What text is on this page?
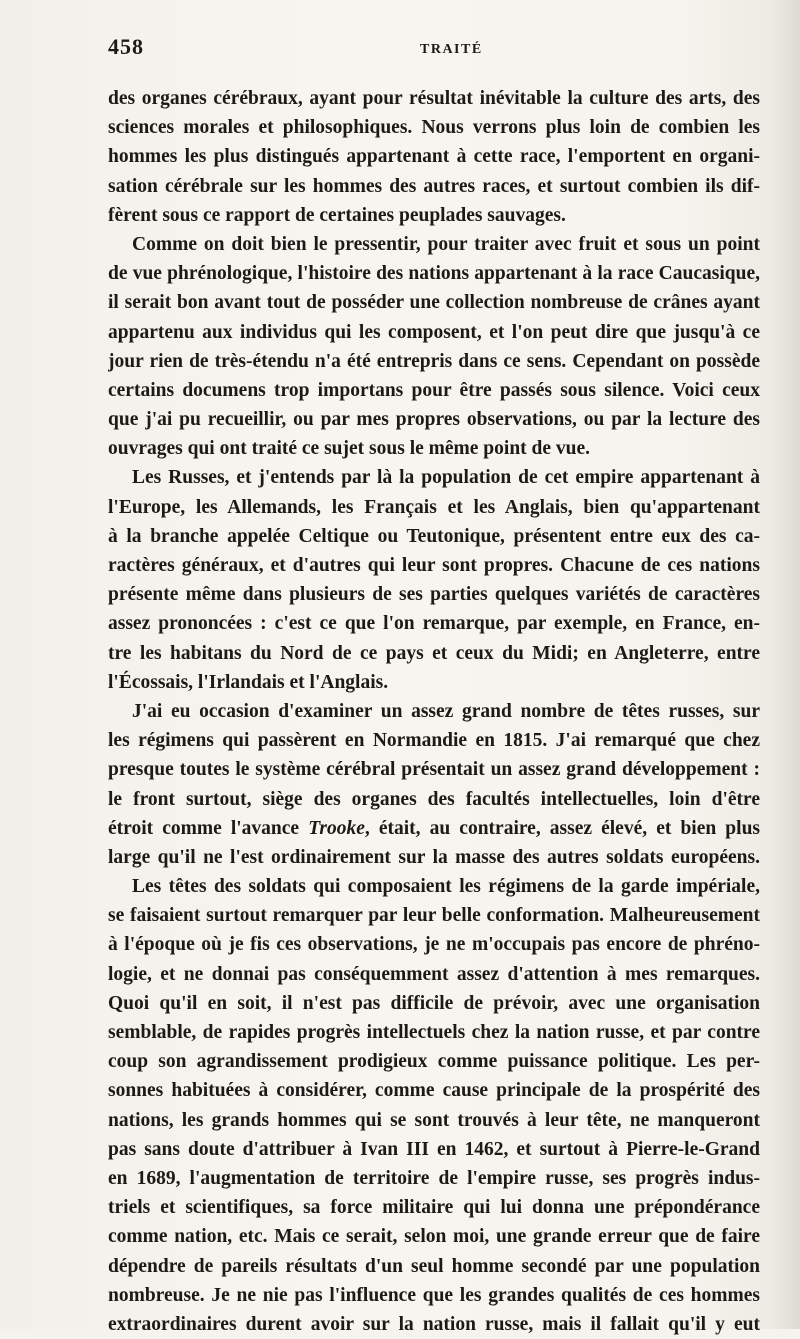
458	TRAITÉ
des organes cérébraux, ayant pour résultat inévitable la culture des arts, des
sciences morales et philosophiques. Nous verrons plus loin de combien les
hommes les plus distingués appartenant à cette race, l'emportent en organi-
sation cérébrale sur les hommes des autres races, et surtout combien ils dif-
fèrent sous ce rapport de certaines peuplades sauvages.
Comme on doit bien le pressentir, pour traiter avec fruit et sous un point
de vue phrénologique, l'histoire des nations appartenant à la race Caucasique,
il serait bon avant tout de posséder une collection nombreuse de crânes ayant
appartenu aux individus qui les composent, et l'on peut dire que jusqu'à ce
jour rien de très-étendu n'a été entrepris dans ce sens. Cependant on possède
certains documens trop importans pour être passés sous silence. Voici ceux
que j'ai pu recueillir, ou par mes propres observations, ou par la lecture des
ouvrages qui ont traité ce sujet sous le même point de vue.
Les Russes, et j'entends par là la population de cet empire appartenant à
l'Europe, les Allemands, les Français et les Anglais, bien qu'appartenant
à la branche appelée Celtique ou Teutonique, présentent entre eux des ca-
ractères généraux, et d'autres qui leur sont propres. Chacune de ces nations
présente même dans plusieurs de ses parties quelques variétés de caractères
assez prononcées : c'est ce que l'on remarque, par exemple, en France, en-
tre les habitans du Nord de ce pays et ceux du Midi; en Angleterre, entre
l'Écossais, l'Irlandais et l'Anglais.
J'ai eu occasion d'examiner un assez grand nombre de têtes russes, sur
les régimens qui passèrent en Normandie en 1815. J'ai remarqué que chez
presque toutes le système cérébral présentait un assez grand développement :
le front surtout, siège des organes des facultés intellectuelles, loin d'être
étroit comme l'avance Trooke, était, au contraire, assez élevé, et bien plus
large qu'il ne l'est ordinairement sur la masse des autres soldats européens.
Les têtes des soldats qui composaient les régimens de la garde impériale,
se faisaient surtout remarquer par leur belle conformation. Malheureusement
à l'époque où je fis ces observations, je ne m'occupais pas encore de phréno-
logie, et ne donnai pas conséquemment assez d'attention à mes remarques.
Quoi qu'il en soit, il n'est pas difficile de prévoir, avec une organisation
semblable, de rapides progrès intellectuels chez la nation russe, et par contre
coup son agrandissement prodigieux comme puissance politique. Les per-
sonnes habituées à considérer, comme cause principale de la prospérité des
nations, les grands hommes qui se sont trouvés à leur tête, ne manqueront
pas sans doute d'attribuer à Ivan III en 1462, et surtout à Pierre-le-Grand
en 1689, l'augmentation de territoire de l'empire russe, ses progrès indus-
triels et scientifiques, sa force militaire qui lui donna une prépondérance
comme nation, etc. Mais ce serait, selon moi, une grande erreur que de faire
dépendre de pareils résultats d'un seul homme secondé par une population
nombreuse. Je ne nie pas l'influence que les grandes qualités de ces hommes
extraordinaires durent avoir sur la nation russe, mais il fallait qu'il y eut
